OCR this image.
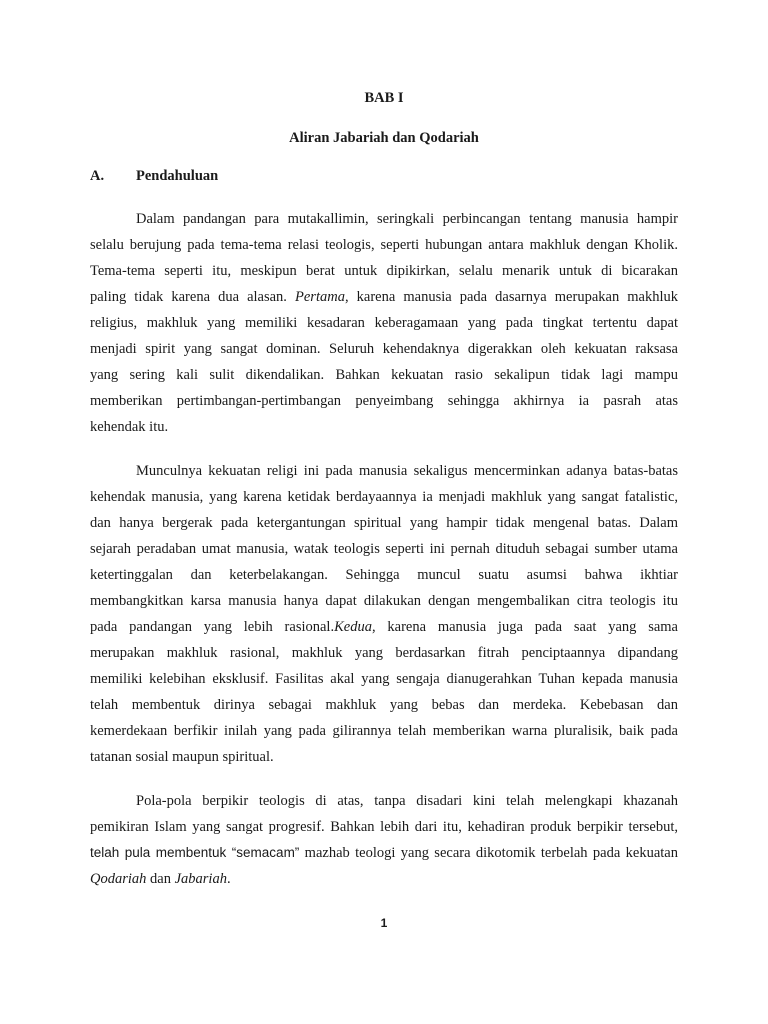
BAB I
Aliran Jabariah dan Qodariah
A. Pendahuluan
Dalam pandangan para mutakallimin, seringkali perbincangan tentang manusia hampir
selalu berujung pada tema-tema relasi teologis, seperti hubungan antara makhluk dengan Kholik.
Tema-tema seperti itu, meskipun berat untuk dipikirkan, selalu menarik untuk di bicarakan
paling tidak karena dua alasan. Pertama, karena manusia pada dasarnya merupakan makhluk
religius, makhluk yang memiliki kesadaran keberagamaan yang pada tingkat tertentu dapat
menjadi spirit yang sangat dominan. Seluruh kehendaknya digerakkan oleh kekuatan raksasa
yang sering kali sulit dikendalikan. Bahkan kekuatan rasio sekalipun tidak lagi mampu
memberikan pertimbangan-pertimbangan penyeimbang sehingga akhirnya ia pasrah atas
kehendak itu.
Munculnya kekuatan religi ini pada manusia sekaligus mencerminkan adanya batas-batas
kehendak manusia, yang karena ketidak berdayaannya ia menjadi makhluk yang sangat fatalistic,
dan hanya bergerak pada ketergantungan spiritual yang hampir tidak mengenal batas. Dalam
sejarah peradaban umat manusia, watak teologis seperti ini pernah dituduh sebagai sumber utama
ketertinggalan dan keterbelakangan. Sehingga muncul suatu asumsi bahwa ikhtiar
membangkitkan karsa manusia hanya dapat dilakukan dengan mengembalikan citra teologis itu
pada pandangan yang lebih rasional.Kedua, karena manusia juga pada saat yang sama
merupakan makhluk rasional, makhluk yang berdasarkan fitrah penciptaannya dipandang
memiliki kelebihan eksklusif. Fasilitas akal yang sengaja dianugerahkan Tuhan kepada manusia
telah membentuk dirinya sebagai makhluk yang bebas dan merdeka. Kebebasan dan
kemerdekaan berfikir inilah yang pada gilirannya telah memberikan warna pluralisik, baik pada
tatanan sosial maupun spiritual.
Pola-pola berpikir teologis di atas, tanpa disadari kini telah melengkapi khazanah
pemikiran Islam yang sangat progresif. Bahkan lebih dari itu, kehadiran produk berpikir tersebut,
telah pula membentuk “semacam” mazhab teologi yang secara dikotomik terbelah pada kekuatan
Qodariah dan Jabariah.
1
